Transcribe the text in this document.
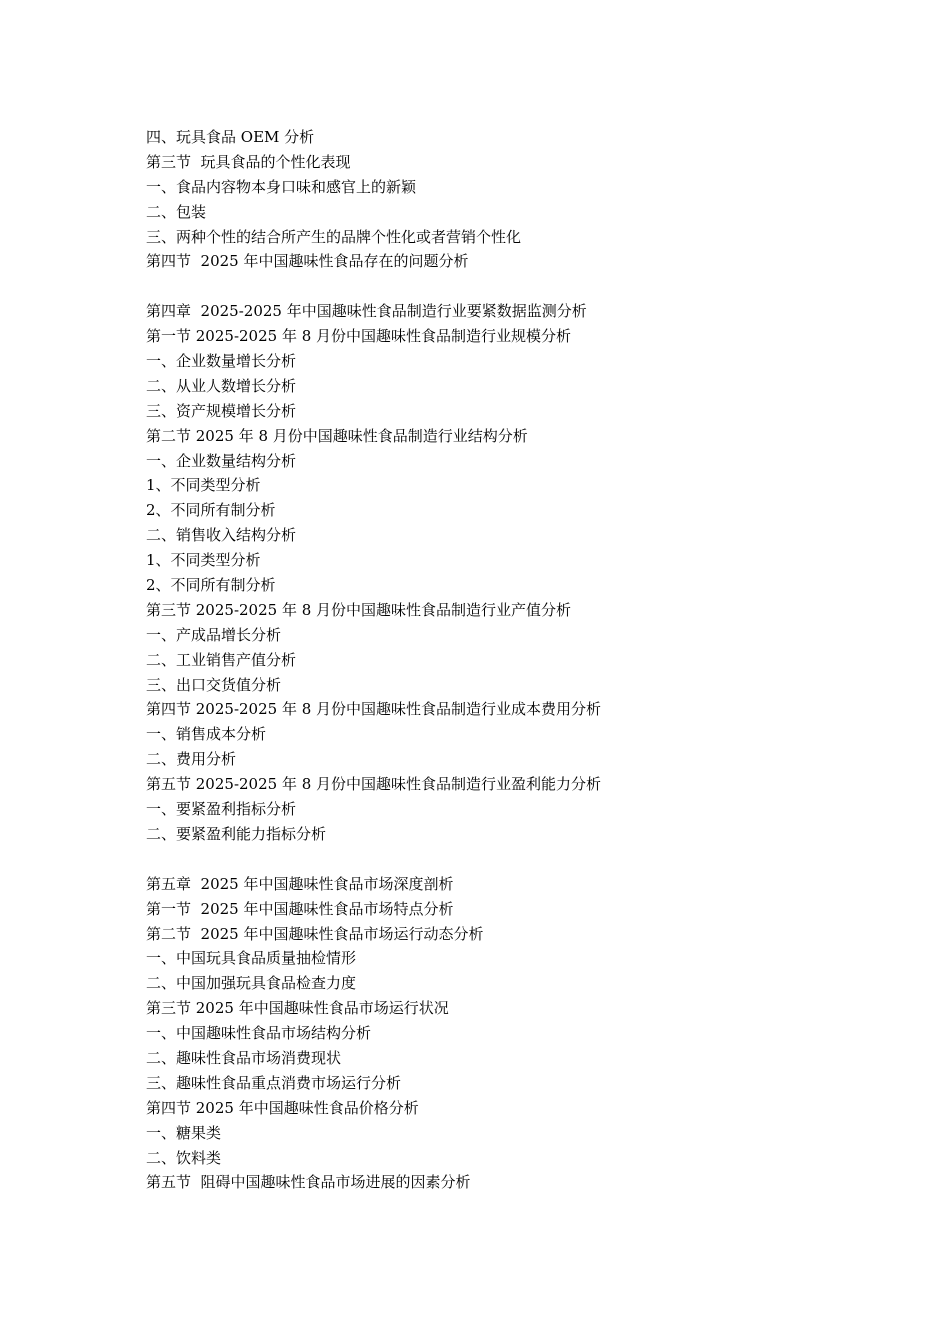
四、玩具食品 OEM 分析
第三节  玩具食品的个性化表现
一、食品内容物本身口味和感官上的新颖
二、包装
三、两种个性的结合所产生的品牌个性化或者营销个性化
第四节  2025 年中国趣味性食品存在的问题分析
第四章  2025-2025 年中国趣味性食品制造行业要紧数据监测分析
第一节 2025-2025 年 8 月份中国趣味性食品制造行业规模分析
一、企业数量增长分析
二、从业人数增长分析
三、资产规模增长分析
第二节 2025 年 8 月份中国趣味性食品制造行业结构分析
一、企业数量结构分析
1、不同类型分析
2、不同所有制分析
二、销售收入结构分析
1、不同类型分析
2、不同所有制分析
第三节 2025-2025 年 8 月份中国趣味性食品制造行业产值分析
一、产成品增长分析
二、工业销售产值分析
三、出口交货值分析
第四节 2025-2025 年 8 月份中国趣味性食品制造行业成本费用分析
一、销售成本分析
二、费用分析
第五节 2025-2025 年 8 月份中国趣味性食品制造行业盈利能力分析
一、要紧盈利指标分析
二、要紧盈利能力指标分析
第五章  2025 年中国趣味性食品市场深度剖析
第一节  2025 年中国趣味性食品市场特点分析
第二节  2025 年中国趣味性食品市场运行动态分析
一、中国玩具食品质量抽检情形
二、中国加强玩具食品检查力度
第三节 2025 年中国趣味性食品市场运行状况
一、中国趣味性食品市场结构分析
二、趣味性食品市场消费现状
三、趣味性食品重点消费市场运行分析
第四节 2025 年中国趣味性食品价格分析
一、糖果类
二、饮料类
第五节  阻碍中国趣味性食品市场进展的因素分析
